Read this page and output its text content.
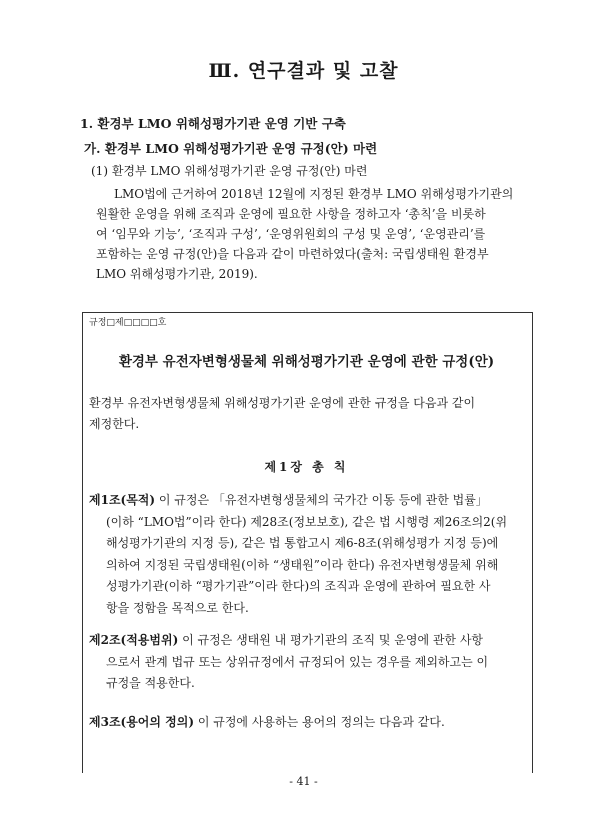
Ⅲ. 연구결과 및 고찰
1. 환경부 LMO 위해성평가기관 운영 기반 구축
가. 환경부 LMO 위해성평가기관 운영 규정(안) 마련
(1) 환경부 LMO 위해성평가기관 운영 규정(안) 마련
LMO법에 근거하여 2018년 12월에 지정된 환경부 LMO 위해성평가기관의
원활한 운영을 위해 조직과 운영에 필요한 사항을 정하고자 ‘총칙’을 비롯하
여 ‘임무와 기능’, ‘조직과 구성’, ‘운영위원회의 구성 및 운영’, ‘운영관리’를
포함하는 운영 규정(안)을 다음과 같이 마련하였다(출처: 국립생태원 환경부
LMO 위해성평가기관, 2019).
규정□제□□□□호
환경부 유전자변형생물체 위해성평가기관 운영에 관한 규정(안)
환경부 유전자변형생물체 위해성평가기관 운영에 관한 규정을 다음과 같이
제정한다.
제1장 총 칙
제1조(목적) 이 규정은 「유전자변형생물체의 국가간 이동 등에 관한 법률」
(이하 “LMO법”이라 한다) 제28조(정보보호), 같은 법 시행령 제26조의2(위
해성평가기관의 지정 등), 같은 법 통합고시 제6-8조(위해성평가 지정 등)에
의하여 지정된 국립생태원(이하 “생태원”이라 한다) 유전자변형생물체 위해
성평가기관(이하 “평가기관”이라 한다)의 조직과 운영에 관하여 필요한 사
항을 정함을 목적으로 한다.
제2조(적용범위) 이 규정은 생태원 내 평가기관의 조직 및 운영에 관한 사항
으로서 관계 법규 또는 상위규정에서 규정되어 있는 경우를 제외하고는 이
규정을 적용한다.
제3조(용어의 정의) 이 규정에 사용하는 용어의 정의는 다음과 같다.
- 41 -
